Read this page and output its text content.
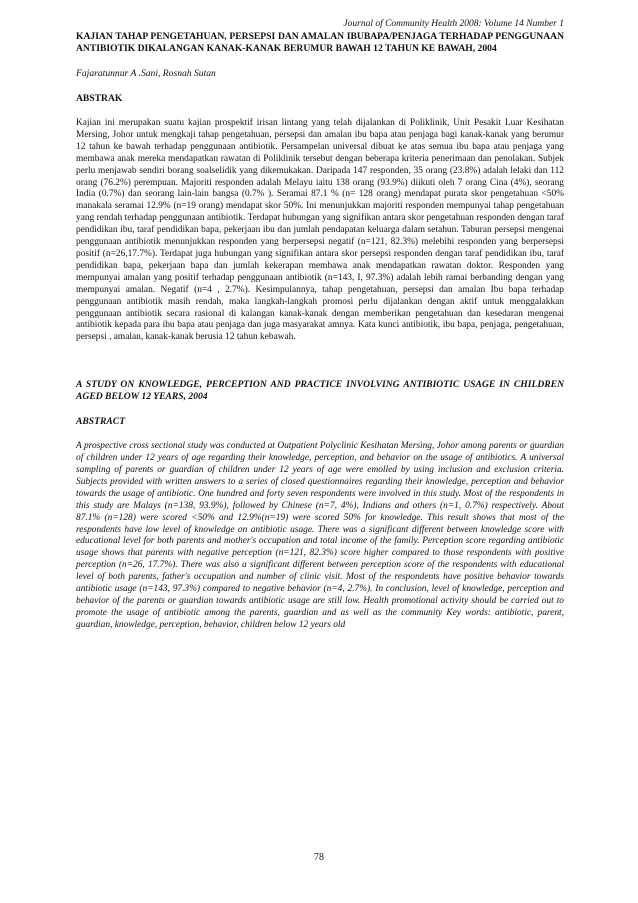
Journal of Community Health 2008: Volume 14 Number 1
KAJIAN TAHAP PENGETAHUAN, PERSEPSI DAN AMALAN IBUBAPA/PENJAGA TERHADAP PENGGUNAAN ANTIBIOTIK DIKALANGAN KANAK-KANAK BERUMUR BAWAH 12 TAHUN KE BAWAH, 2004
Fajaratunnur A .Sani, Rosnah Sutan
ABSTRAK
Kajian ini merupakan suatu kajian prospektif irisan lintang yang telah dijalankan di Poliklinik, Unit Pesakit Luar Kesihatan Mersing, Johor untuk mengkaji tahap pengetahuan, persepsi dan amalan ibu bapa atau penjaga bagi kanak-kanak yang berumur 12 tahun ke bawah terhadap penggunaan antibiotik. Persampelan universal dibuat ke atas semua ibu bapa atau penjaga yang membawa anak mereka mendapatkan rawatan di Poliklinik tersebut dengan beberapa kriteria penerimaan dan penolakan. Subjek perlu menjawab sendiri borang soalselidik yang dikemukakan. Daripada 147 responden, 35 orang (23.8%) adalah lelaki dan 112 orang (76.2%) perempuan. Majoriti responden adalah Melayu iaitu 138 orang (93.9%) diikuti oleh 7 orang Cina (4%), seorang India (0.7%) dan seorang lain-lain bangsa (0.7% ). Seramai 87.1 % (n= 128 orang) mendapat purata skor pengetahuan <50% manakala seramai 12.9% (n=19 orang) mendapat skor 50%. Ini menunjukkan majoriti responden mempunyai tahap pengetahuan yang rendah terhadap penggunaan antibiotik. Terdapat hubungan yang signifikan antara skor pengetahuan responden dengan taraf pendidikan ibu, taraf pendidikan bapa, pekerjaan ibu dan jumlah pendapatan keluarga dalam setahun. Taburan persepsi mengenai penggunaan antibiotik menunjukkan responden yang berpersepsi negatif (n=121, 82.3%) melebihi responden yang berpersepsi positif (n=26,17.7%). Terdapat juga hubungan yang signifikan antara skor persepsi responden dengan taraf pendidikan ibu, taraf pendidikan bapa, pekerjaan bapa dan jumlah kekerapan membawa anak mendapatkan rawatan doktor. Responden yang mempunyai amalan yang positif terhadap penggunaan antibiotik (n=143, I, 97.3%) adalah lebih ramai berbanding dengan yang mempunyai amalan. Negatif (n=4 , 2.7%). Kesimpulannya, tahap pengetahuan, persepsi dan amalan Ibu bapa terhadap penggunaan antibiotik masih rendah, maka langkah-langkah promosi perlu dijalankan dengan aktif untuk menggalakkan penggunaan antibiotik secara rasional di kalangan kanak-kanak dengan memberikan pengetahuan dan kesedaran mengenai antibiotik kepada para ibu bapa atau penjaga dan juga masyarakat amnya. Kata kunci antibiotik, ibu bapa, penjaga, pengetahuan, persepsi , amalan, kanak-kanak berusia 12 tahun kebawah.
A STUDY ON KNOWLEDGE, PERCEPTION AND PRACTICE INVOLVING ANTIBIOTIC USAGE IN CHILDREN AGED BELOW 12 YEARS, 2004
ABSTRACT
A prospective cross sectional study was conducted at Outpatient Polyclinic Kesihatan Mersing, Johor among parents or guardian of children under 12 years of age regarding their knowledge, perception, and behavior on the usage of antibiotics. A universal sampling of parents or guardian of children under 12 years of age were emolled by using inclusion and exclusion criteria. Subjects provided with written answers to a series of closed questionnaires regarding their knowledge, perception and behavior towards the usage of antibiotic. One hundred and forty seven respondents were involved in this study. Most of the respondents in this study are Malays (n=138, 93.9%), followed by Chinese (n=7, 4%), Indians and others (n=1, 0.7%) respectively. About 87.1% (n=128) were scored <50% and 12.9%(n=19) were scored 50% for knowledge. This result shows that most of the respondents have low level of knowledge on antibiotic usage. There was a significant different between knowledge score with educational level for both parents and mother's occupation and total income of the family. Perception score regarding antibiotic usage shows that parents with negative perception (n=121, 82.3%) score higher compared to those respondents with positive perception (n=26, 17.7%). There was also a significant different between perception score of the respondents with educational level of both parents, father's occupation and number of clinic visit. Most of the respondents have positive behavior towards antibiotic usage (n=143, 97.3%) compared to negative behavior (n=4, 2.7%). In conclusion, level of knowledge, perception and behavior of the parents or guardian towards antibiotic usage are still low. Health promotional activity should be carried out to promote the usage of antibiotic among the parents, guardian and as well as the community Key words: antibiotic, parent, guardian, knowledge, perception, behavior, children below 12 years old
78
